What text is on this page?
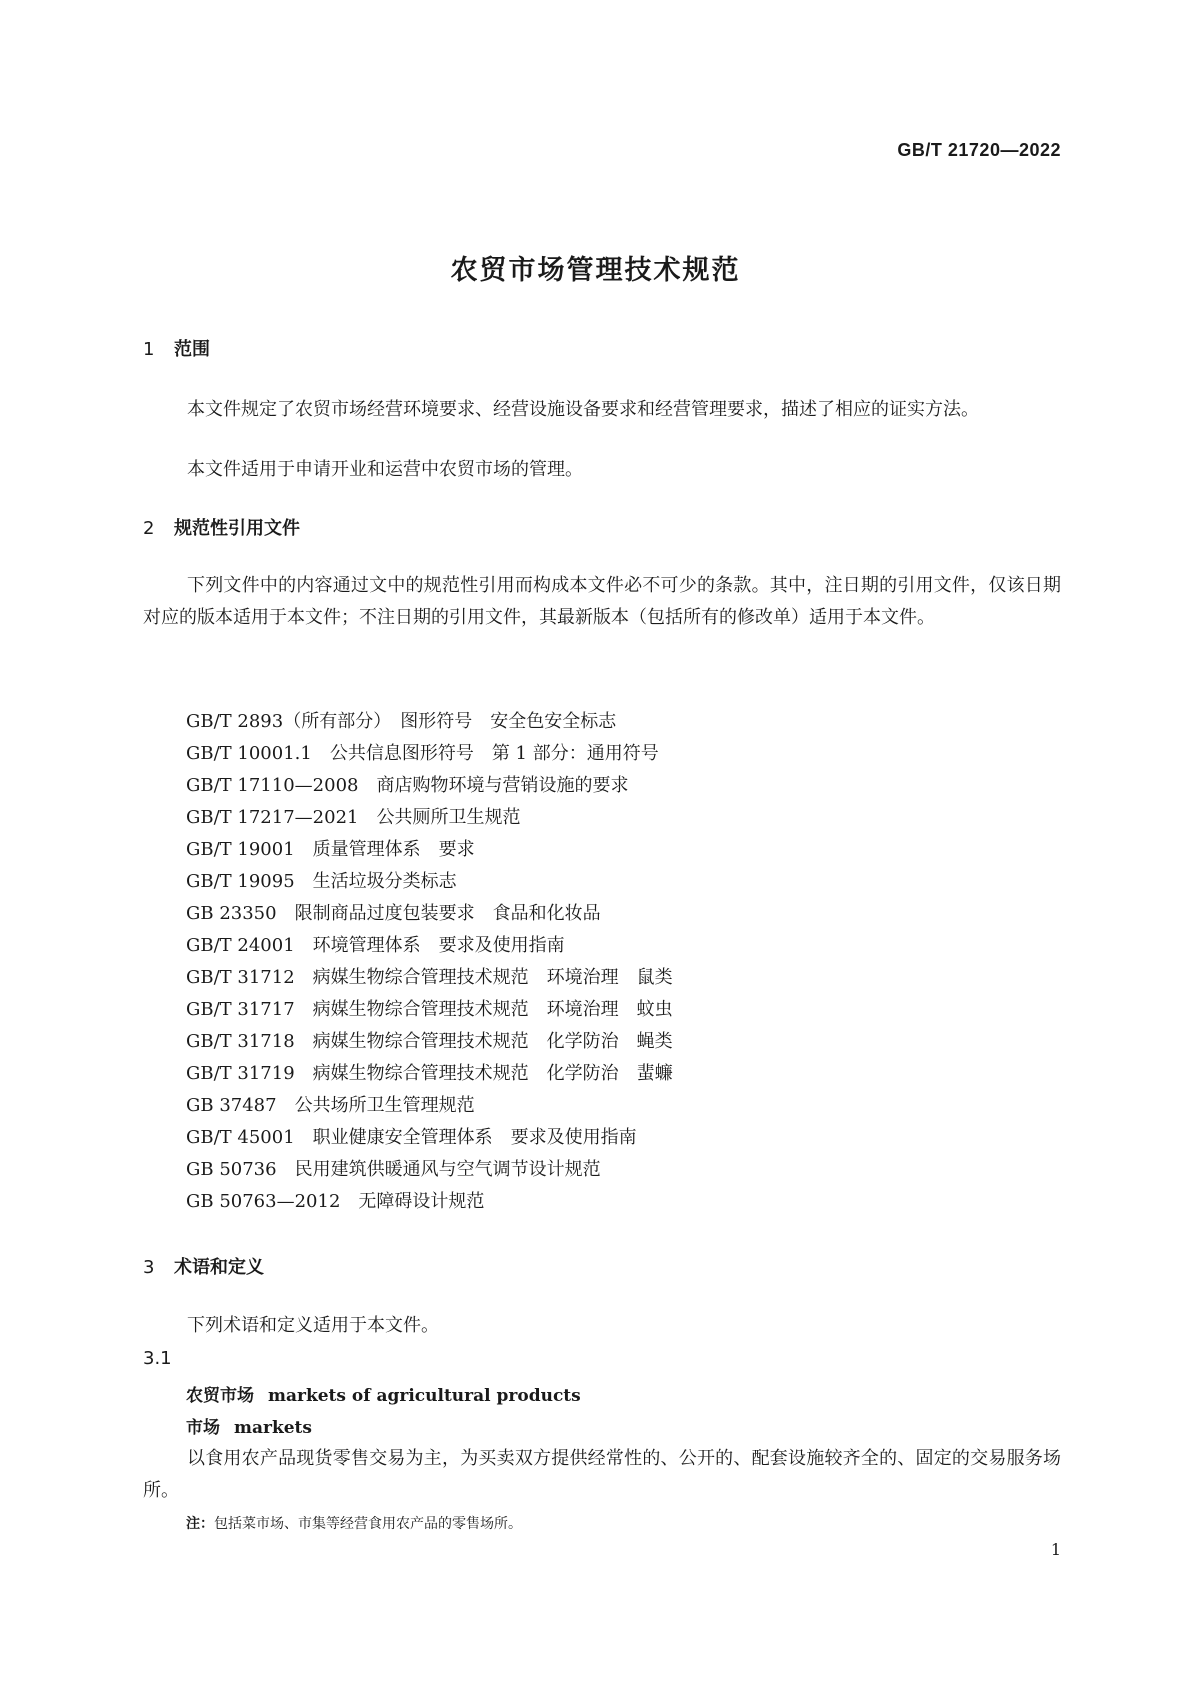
GB/T 21720—2022
农贸市场管理技术规范
1 范围
本文件规定了农贸市场经营环境要求、经营设施设备要求和经营管理要求，描述了相应的证实方法。
本文件适用于申请开业和运营中农贸市场的管理。
2 规范性引用文件
下列文件中的内容通过文中的规范性引用而构成本文件必不可少的条款。其中，注日期的引用文件，仅该日期对应的版本适用于本文件；不注日期的引用文件，其最新版本（包括所有的修改单）适用于本文件。
GB/T 2893（所有部分）　图形符号　安全色安全标志
GB/T 10001.1　公共信息图形符号　第 1 部分：通用符号
GB/T 17110—2008　商店购物环境与营销设施的要求
GB/T 17217—2021　公共厕所卫生规范
GB/T 19001　质量管理体系　要求
GB/T 19095　生活垃圾分类标志
GB 23350　限制商品过度包装要求　食品和化妆品
GB/T 24001　环境管理体系　要求及使用指南
GB/T 31712　病媒生物综合管理技术规范　环境治理　鼠类
GB/T 31717　病媒生物综合管理技术规范　环境治理　蚊虫
GB/T 31718　病媒生物综合管理技术规范　化学防治　蝇类
GB/T 31719　病媒生物综合管理技术规范　化学防治　蜚蠊
GB 37487　公共场所卫生管理规范
GB/T 45001　职业健康安全管理体系　要求及使用指南
GB 50736　民用建筑供暖通风与空气调节设计规范
GB 50763—2012　无障碍设计规范
3 术语和定义
下列术语和定义适用于本文件。
3.1
农贸市场 markets of agricultural products
市场 markets
以食用农产品现货零售交易为主，为买卖双方提供经常性的、公开的、配套设施较齐全的、固定的交易服务场所。
注：包括菜市场、市集等经营食用农产品的零售场所。
1
